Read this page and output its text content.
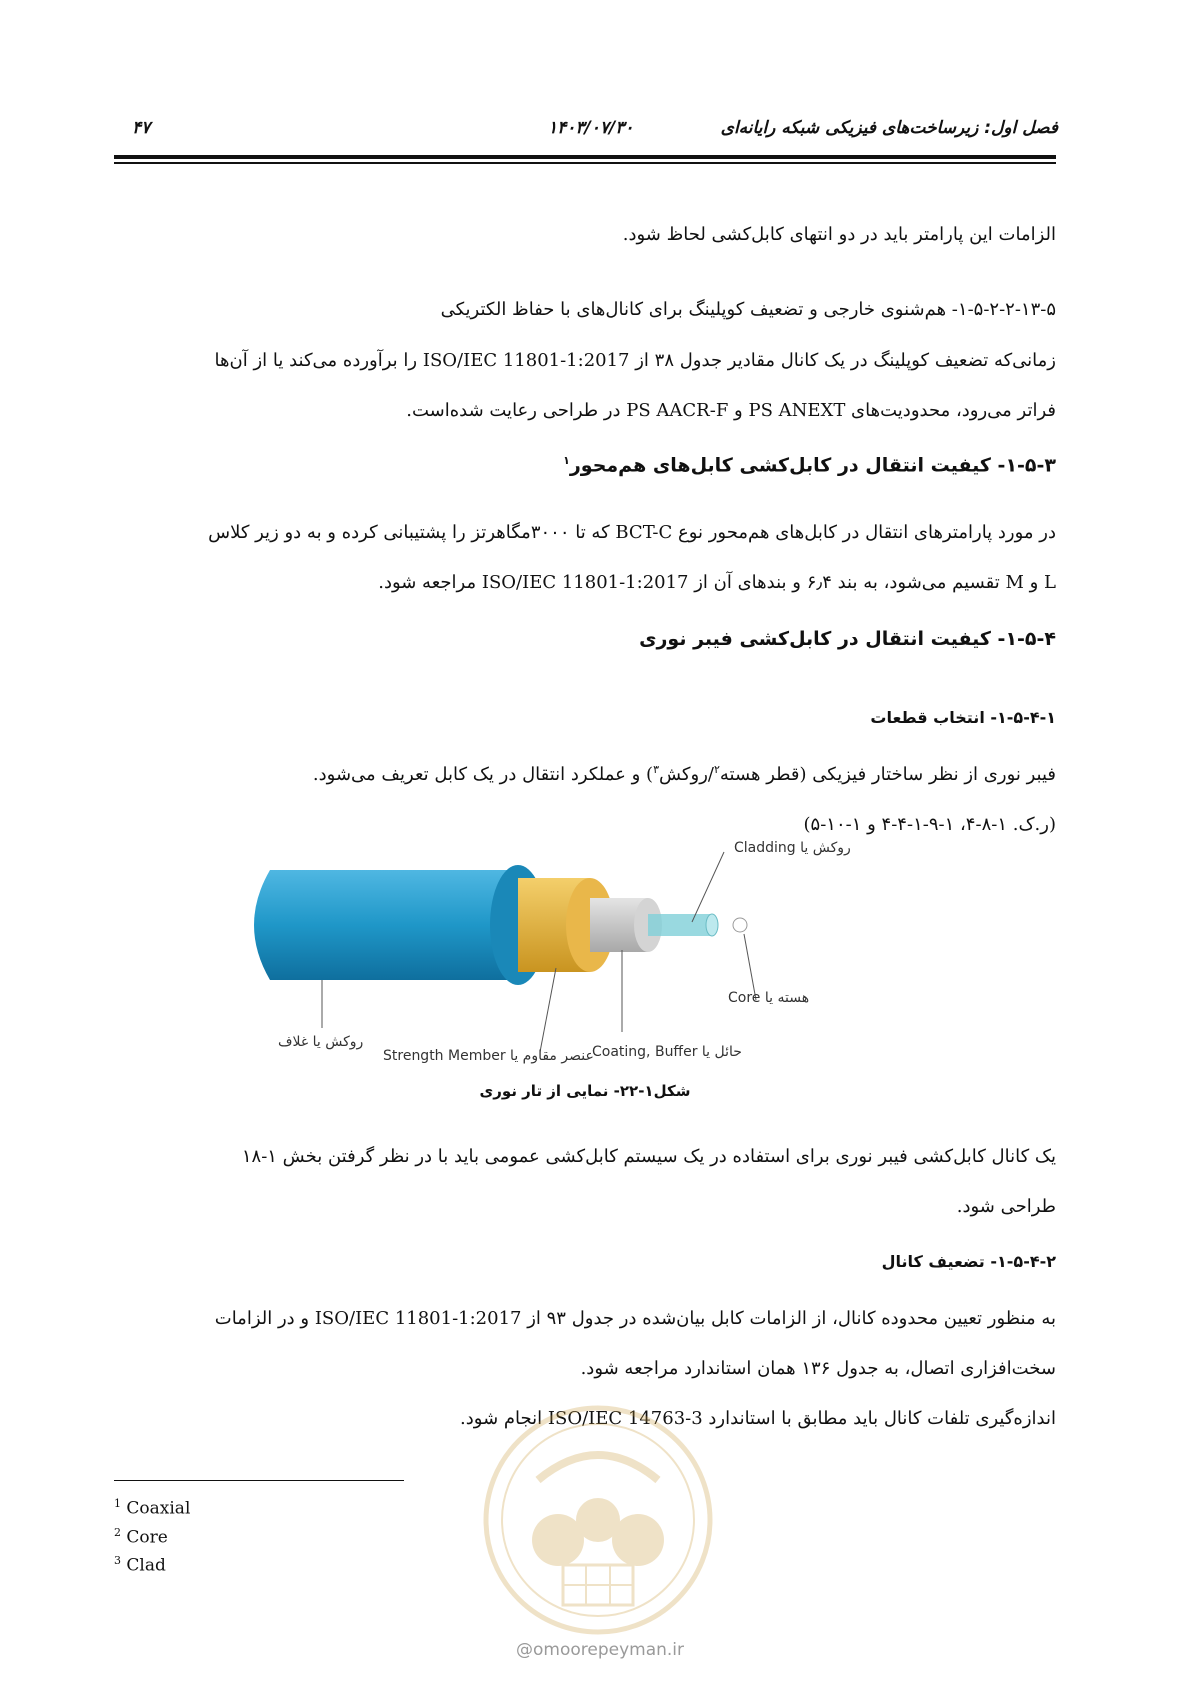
فصل اول: زیرساخت‌های فیزیکی شبکه رایانه‌ای
۱۴۰۳/۰۷/۳۰
۴۷

الزامات این پارامتر باید در دو انتهای کابل‌کشی لحاظ شود.

۱-۵-۲-۲-۱۳-۵- هم‌شنوی خارجی و تضعیف کوپلینگ برای کانال‌های با حفاظ الکتریکی

زمانی‌که تضعیف کوپلینگ در یک کانال مقادیر جدول ۳۸ از ISO/IEC 11801-1:2017 را برآورده می‌کند یا از آن‌ها

فراتر می‌رود، محدودیت‌های PS ANEXT و PS AACR-F در طراحی رعایت شده‌است.

۱-۵-۳- کیفیت انتقال در کابل‌کشی کابل‌های هم‌محور$^۱$

در مورد پارامترهای انتقال در کابل‌های هم‌محور نوع BCT-C که تا ۳۰۰۰مگاهرتز را پشتیبانی کرده و به دو زیر کلاس

L و M تقسیم می‌شود، به بند ۶٫۴ و بندهای آن از ISO/IEC 11801-1:2017 مراجعه شود.

۱-۵-۴- کیفیت انتقال در کابل‌کشی فیبر نوری
۱-۵-۴-۱- انتخاب قطعات

فیبر نوری از نظر ساختار فیزیکی (قطر هسته$^۲$/روکش$^۳$) و عملکرد انتقال در یک کابل تعریف می‌شود.

(ر.ک. ۱-۸-۴، ۱-۹-۱-۴-۴ و ۱-۱۰-۵)

Cladding روکش یا
Core هسته یا
روکش یا غلاف
Strength Member عنصر مقاوم یا
Coating, Buffer حائل یا
شکل۱-۲۲- نمایی از تار نوری

یک کانال کابل‌کشی فیبر نوری برای استفاده در یک سیستم کابل‌کشی عمومی باید با در نظر گرفتن بخش ۱-۱۸

طراحی شود.

۱-۵-۴-۲- تضعیف کانال

به منظور تعیین محدوده کانال، از الزامات کابل بیان‌شده در جدول ۹۳ از ISO/IEC 11801-1:2017 و در الزامات

سخت‌افزاری اتصال، به جدول ۱۳۶ همان استاندارد مراجعه شود.

اندازه‌گیری تلفات کانال باید مطابق با استاندارد ISO/IEC 14763-3 انجام شود.

$^1$ Coaxial
$^2$ Core
$^3$ Clad
@omoorepeyman.ir
